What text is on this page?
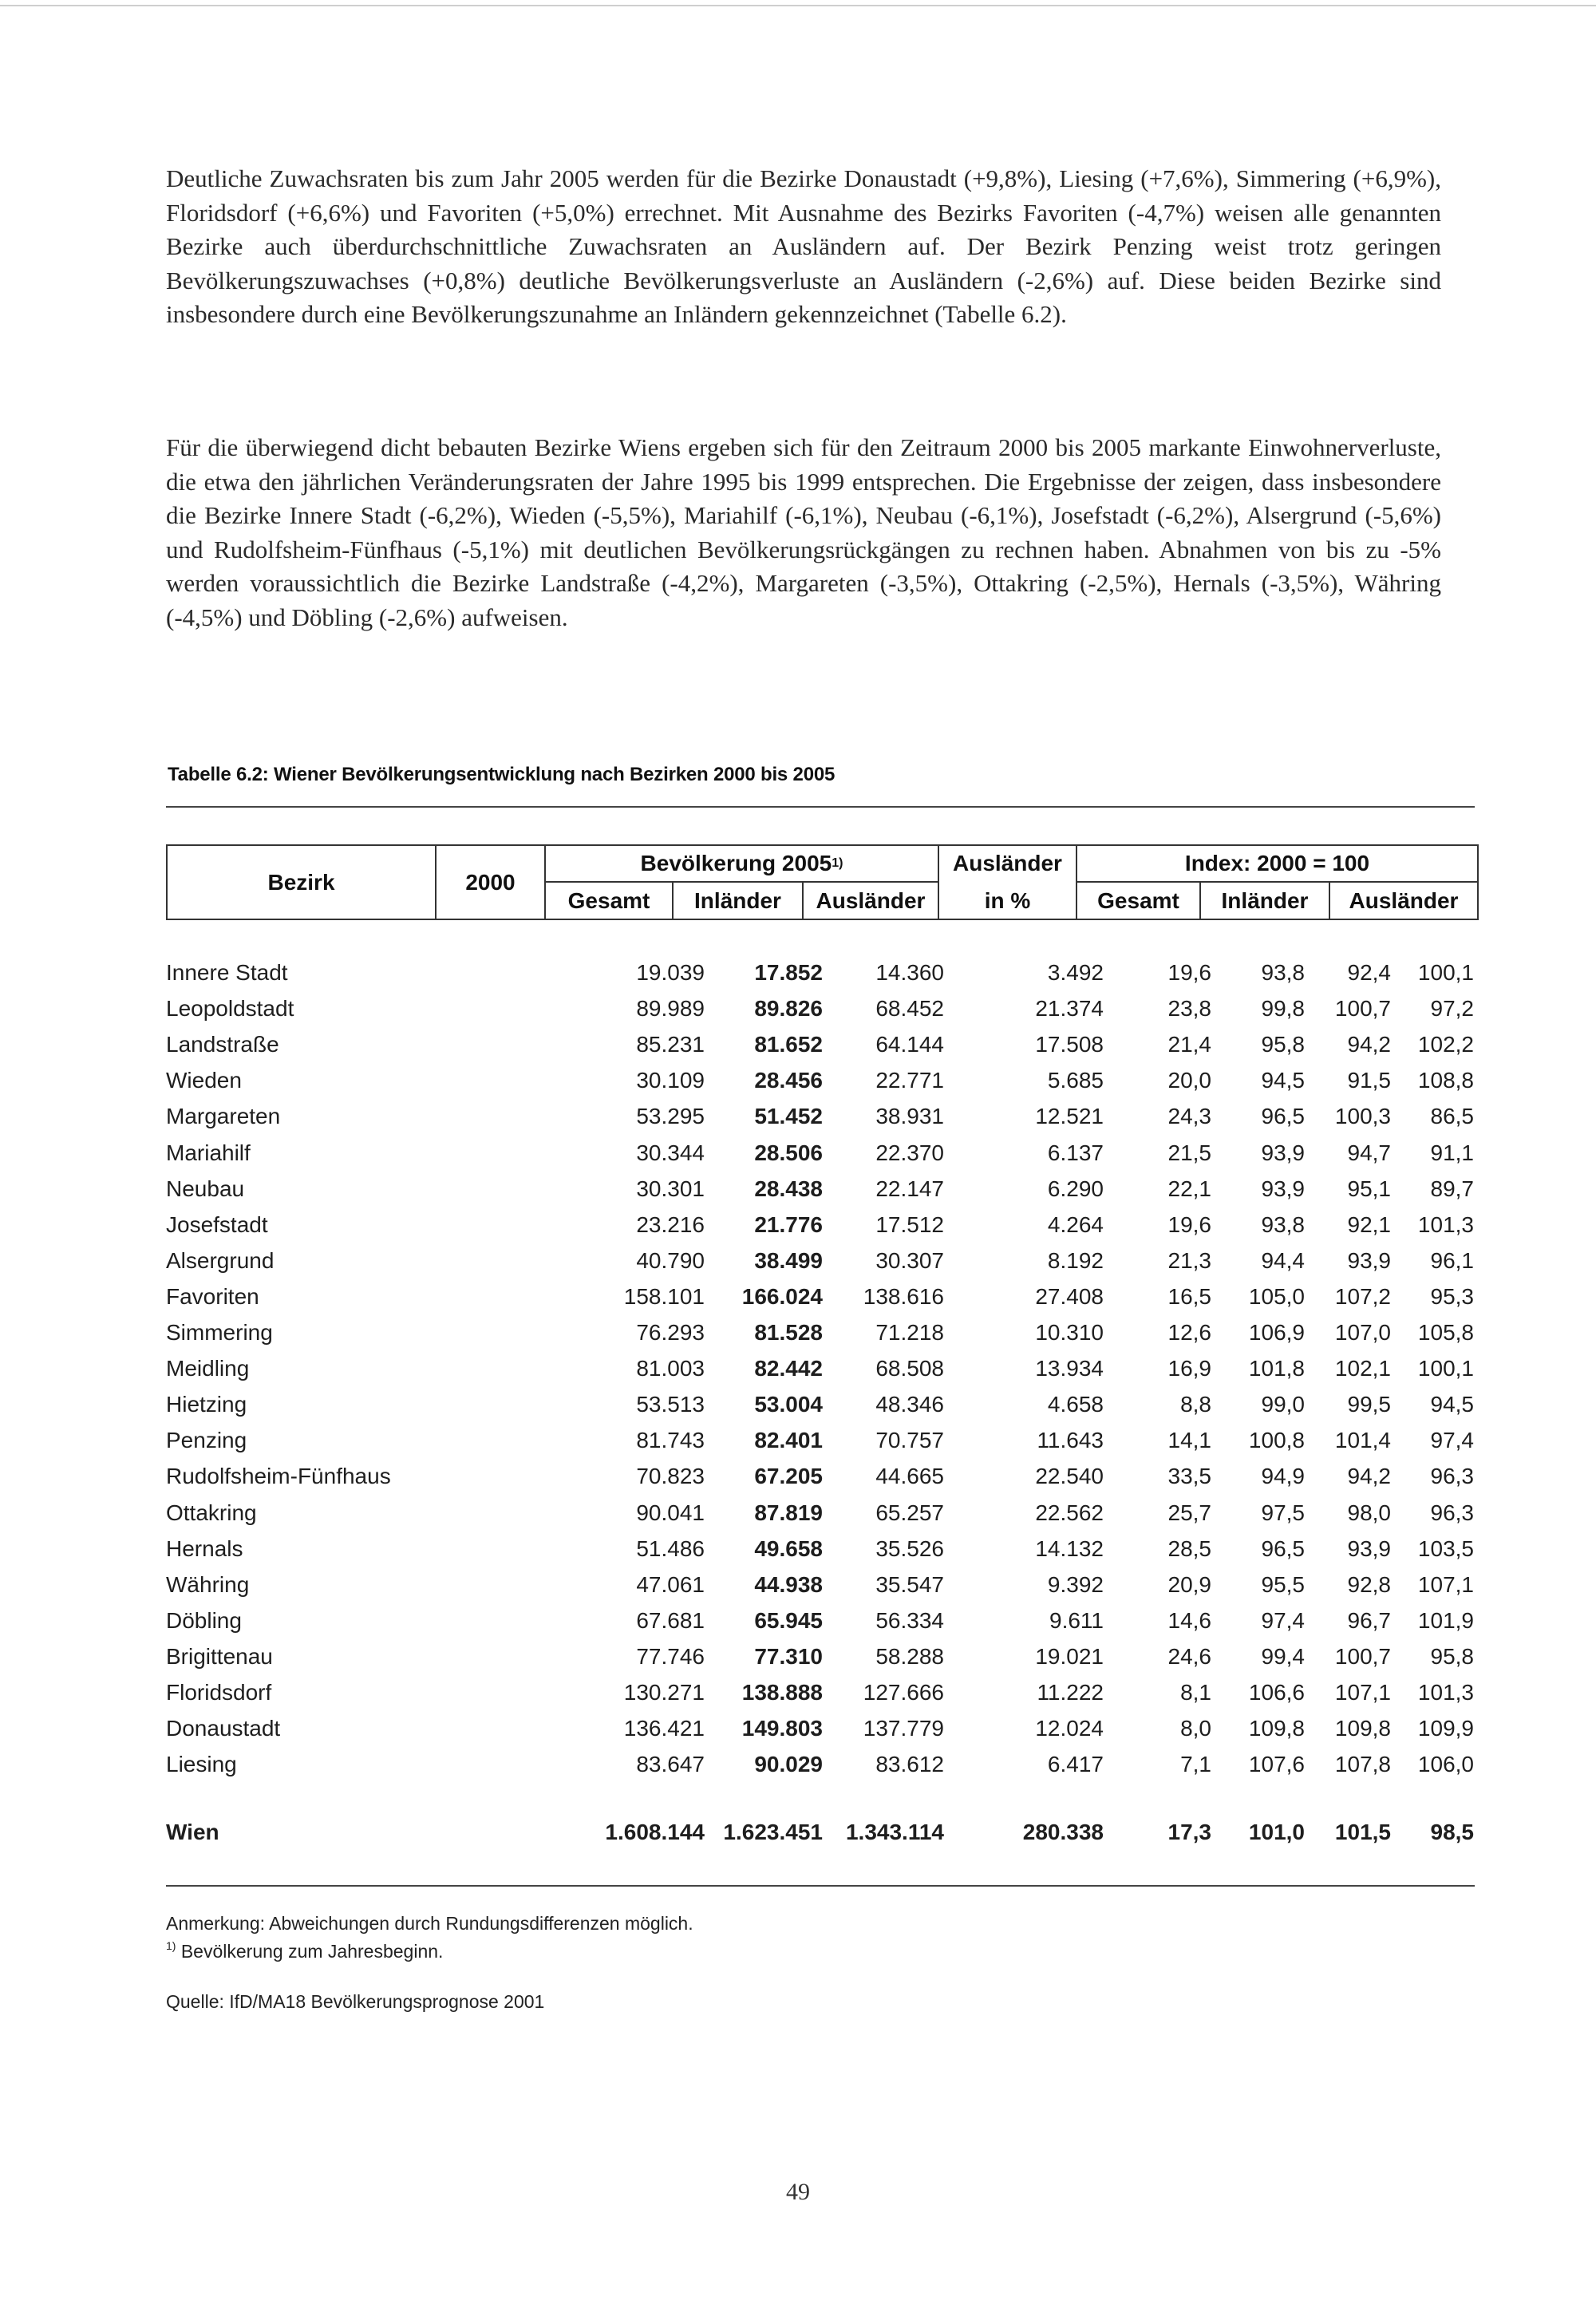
Deutliche Zuwachsraten bis zum Jahr 2005 werden für die Bezirke Donaustadt (+9,8%), Liesing (+7,6%), Simmering (+6,9%), Floridsdorf (+6,6%) und Favoriten (+5,0%) errechnet. Mit Ausnahme des Bezirks Favoriten (-4,7%) weisen alle genannten Bezirke auch überdurchschnittliche Zuwachsraten an Ausländern auf. Der Bezirk Penzing weist trotz geringen Bevölkerungszuwachses (+0,8%) deutliche Bevölkerungsverluste an Ausländern (-2,6%) auf. Diese beiden Bezirke sind insbesondere durch eine Bevölkerungszunahme an Inländern gekennzeichnet (Tabelle 6.2).

Für die überwiegend dicht bebauten Bezirke Wiens ergeben sich für den Zeitraum 2000 bis 2005 markante Einwohnerverluste, die etwa den jährlichen Veränderungsraten der Jahre 1995 bis 1999 entsprechen. Die Ergebnisse der zeigen, dass insbesondere die Bezirke Innere Stadt (-6,2%), Wieden (-5,5%), Mariahilf (-6,1%), Neubau (-6,1%), Josefstadt (-6,2%), Alsergrund (-5,6%) und Rudolfsheim-Fünfhaus (-5,1%) mit deutlichen Bevölkerungsrückgängen zu rechnen haben. Abnahmen von bis zu -5% werden voraussichtlich die Bezirke Landstraße (-4,2%), Margareten (-3,5%), Ottakring (-2,5%), Hernals (-3,5%), Währing (-4,5%) und Döbling (-2,6%) aufweisen.

Tabelle 6.2: Wiener Bevölkerungsentwicklung nach Bezirken 2000 bis 2005
Bezirk	2000
Bevölkerung 2005 1)
Gesamt	Inländer	Ausländer
Ausländer
in %
Index: 2000 = 100
Gesamt	Inländer	Ausländer
Innere Stadt	19.039 17.852 14.360	3.492	19,6 93,8 92,4 100,1
Leopoldstadt	89.989 89.826 68.452	21.374	23,8 99,8 100,7 97,2
Landstraße	85.231 81.652 64.144	17.508	21,4 95,8 94,2 102,2
Wieden	30.109 28.456 22.771	5.685	20,0 94,5 91,5 108,8
Margareten	53.295 51.452 38.931	12.521	24,3 96,5 100,3 86,5
Mariahilf	30.344 28.506 22.370	6.137	21,5 93,9 94,7 91,1
Neubau	30.301 28.438 22.147	6.290	22,1 93,9 95,1 89,7
Josefstadt	23.216 21.776 17.512	4.264	19,6 93,8 92,1 101,3
Alsergrund	40.790 38.499 30.307	8.192	21,3 94,4 93,9 96,1
Favoriten	158.101 166.024 138.616	27.408	16,5 105,0 107,2 95,3
Simmering	76.293 81.528 71.218	10.310	12,6 106,9 107,0 105,8
Meidling	81.003 82.442 68.508	13.934	16,9 101,8 102,1 100,1
Hietzing	53.513 53.004 48.346	4.658	8,8 99,0 99,5 94,5
Penzing	81.743 82.401 70.757	11.643	14,1 100,8 101,4 97,4
Rudolfsheim-Fünfhaus	70.823 67.205 44.665	22.540	33,5 94,9 94,2 96,3
Ottakring	90.041 87.819 65.257	22.562	25,7 97,5 98,0 96,3
Hernals	51.486 49.658 35.526	14.132	28,5 96,5 93,9 103,5
Währing	47.061 44.938 35.547	9.392	20,9 95,5 92,8 107,1
Döbling	67.681 65.945 56.334	9.611	14,6 97,4 96,7 101,9
Brigittenau	77.746 77.310 58.288	19.021	24,6 99,4 100,7 95,8
Floridsdorf	130.271 138.888 127.666	11.222	8,1 106,6 107,1 101,3
Donaustadt	136.421 149.803 137.779	12.024	8,0 109,8 109,8 109,9
Liesing	83.647 90.029 83.612	6.417	7,1 107,6 107,8 106,0
Wien	1.608.144 1.623.451 1.343.114	280.338	17,3 101,0 101,5 98,5
Anmerkung: Abweichungen durch Rundungsdifferenzen möglich.
$^{1)}$ Bevölkerung zum Jahresbeginn.
Quelle: IfD/MA18 Bevölkerungsprognose 2001
49
